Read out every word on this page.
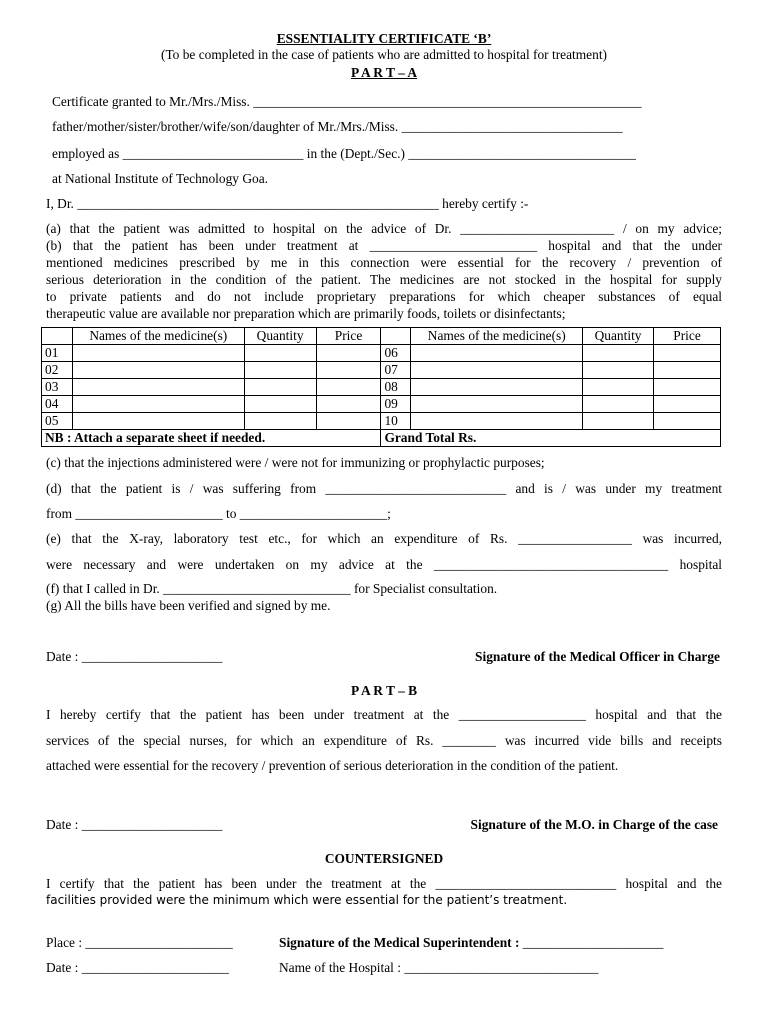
ESSENTIALITY CERTIFICATE ‘B’
(To be completed in the case of patients who are admitted to hospital for treatment)
P A R T – A
Certificate granted to Mr./Mrs./Miss. __________________________________________________________
father/mother/sister/brother/wife/son/daughter of Mr./Mrs./Miss. _________________________________
employed as ___________________________ in the (Dept./Sec.) __________________________________
at National Institute of Technology Goa.
I, Dr. ______________________________________________________ hereby certify :-
(a) that the patient was admitted to hospital on the advice of Dr. _______________________ / on my advice;
(b) that the patient has been under treatment at _________________________ hospital and that the under
mentioned medicines prescribed by me in this connection were essential for the recovery / prevention of
serious deterioration in the condition of the patient. The medicines are not stocked in the hospital for supply
to private patients and do not include proprietary preparations for which cheaper substances of equal
therapeutic value are available nor preparation which are primarily foods, toilets or disinfectants;
	Names of the medicine(s)	Quantity	Price		Names of the medicine(s)	Quantity	Price
01				06			
02				07			
03				08			
04				09			
05				10			
NB : Attach a separate sheet if needed.				Grand Total Rs.			
(c) that the injections administered were / were not for immunizing or prophylactic purposes;
(d) that the patient is / was suffering from ___________________________ and is / was under my treatment
from ______________________ to ______________________;
(e) that the X-ray, laboratory test etc., for which an expenditure of Rs. _________________ was incurred,
were necessary and were undertaken on my advice at the ___________________________________ hospital
(f) that I called in Dr. ____________________________ for Specialist consultation.
(g) All the bills have been verified and signed by me.
Date : _____________________	Signature of the Medical Officer in Charge
P A R T – B
I hereby certify that the patient has been under treatment at the ___________________ hospital and that the
services of the special nurses, for which an expenditure of Rs. ________ was incurred vide bills and receipts
attached were essential for the recovery / prevention of serious deterioration in the condition of the patient.
Date : _____________________	Signature of the M.O. in Charge of the case
COUNTERSIGNED
I certify that the patient has been under the treatment at the ___________________________ hospital and the
facilities provided were the minimum which were essential for the patient’s treatment.
Place : ______________________	Signature of the Medical Superintendent : _____________________
Date : ______________________	Name of the Hospital : _____________________________
